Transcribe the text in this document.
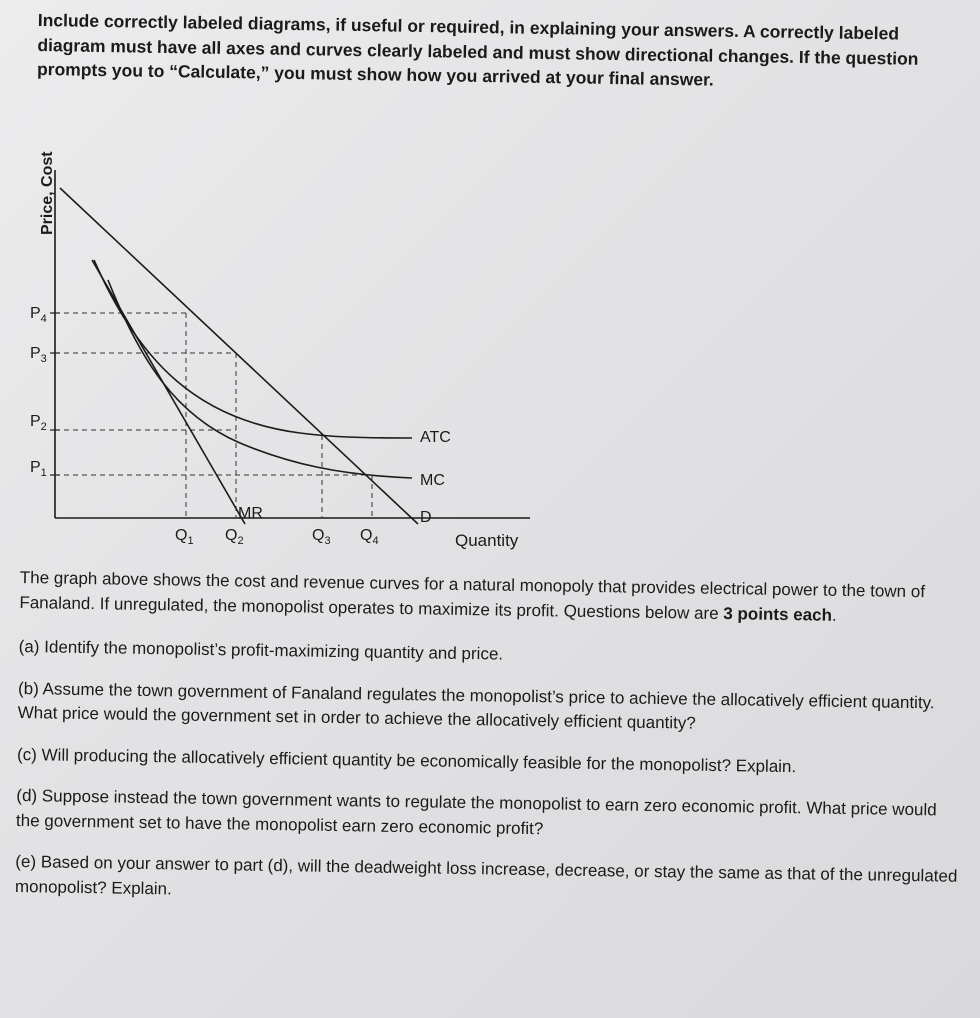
Include correctly labeled diagrams, if useful or required, in explaining your answers. A correctly labeled diagram must have all axes and curves clearly labeled and must show directional changes. If the question prompts you to “Calculate,” you must show how you arrived at your final answer.

Price, Cost
$P_4$
$P_3$
$P_2$
$P_1$
$Q_1$ $Q_2$	$Q_3$ $Q_4$
ATC
MC
D
MR
Quantity

The graph above shows the cost and revenue curves for a natural monopoly that provides electrical power to the town of Fanaland. If unregulated, the monopolist operates to maximize its profit. Questions below are 3 points each.

(a) Identify the monopolist’s profit-maximizing quantity and price.

(b) Assume the town government of Fanaland regulates the monopolist’s price to achieve the allocatively efficient quantity. What price would the government set in order to achieve the allocatively efficient quantity?

(c) Will producing the allocatively efficient quantity be economically feasible for the monopolist? Explain.

(d) Suppose instead the town government wants to regulate the monopolist to earn zero economic profit. What price would the government set to have the monopolist earn zero economic profit?

(e) Based on your answer to part (d), will the deadweight loss increase, decrease, or stay the same as that of the unregulated monopolist? Explain.
